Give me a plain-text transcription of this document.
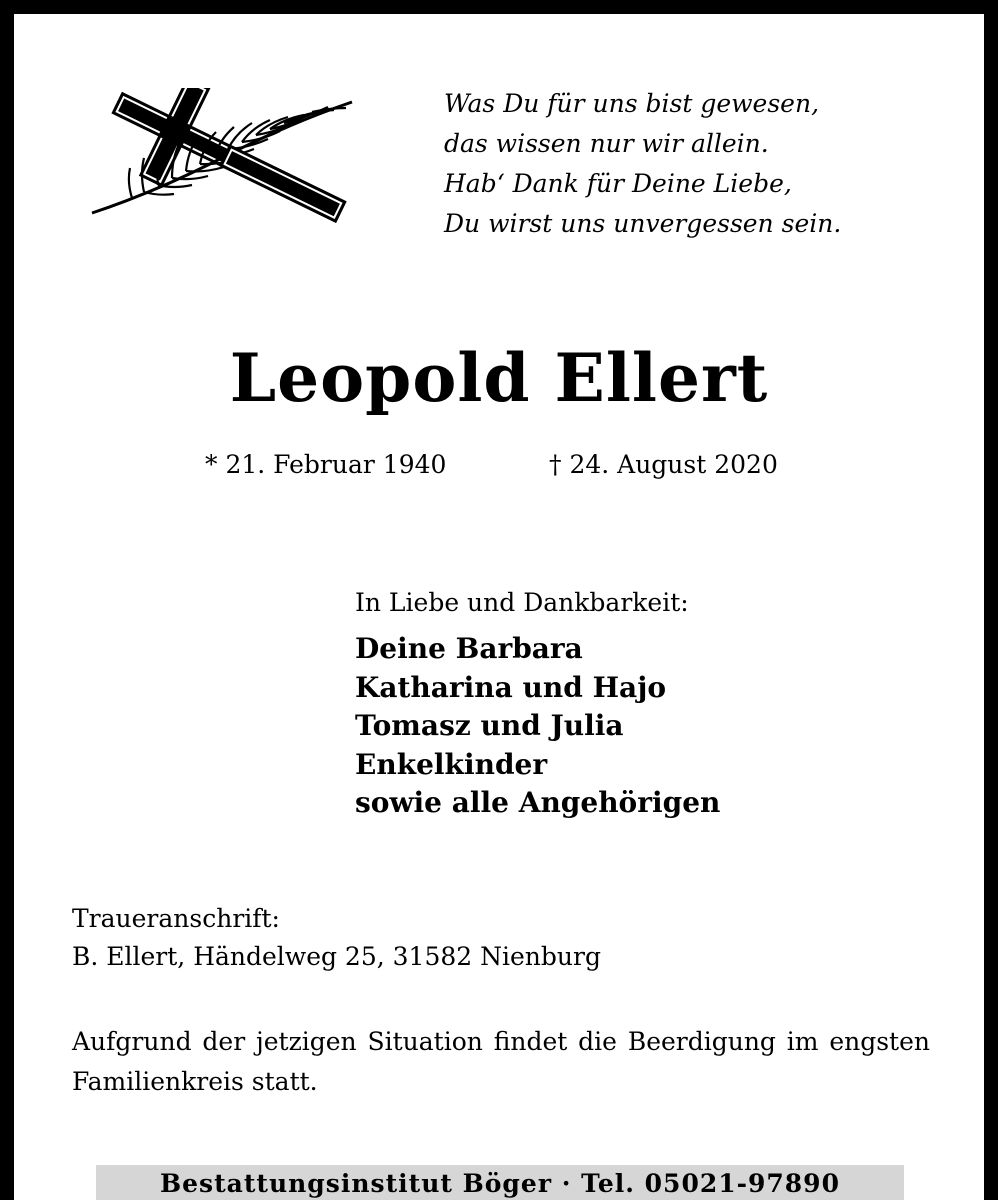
Was Du für uns bist gewesen,
das wissen nur wir allein.
Hab‘ Dank für Deine Liebe,
Du wirst uns unvergessen sein.
Leopold Ellert
* 21. Februar 1940	† 24. August 2020
In Liebe und Dankbarkeit:
Deine Barbara
Katharina und Hajo
Tomasz und Julia
Enkelkinder
sowie alle Angehörigen
Traueranschrift:
B. Ellert, Händelweg 25, 31582 Nienburg
Aufgrund der jetzigen Situation findet die Beerdigung im engsten Familienkreis statt.
Bestattungsinstitut Böger · Tel. 05021-97890
